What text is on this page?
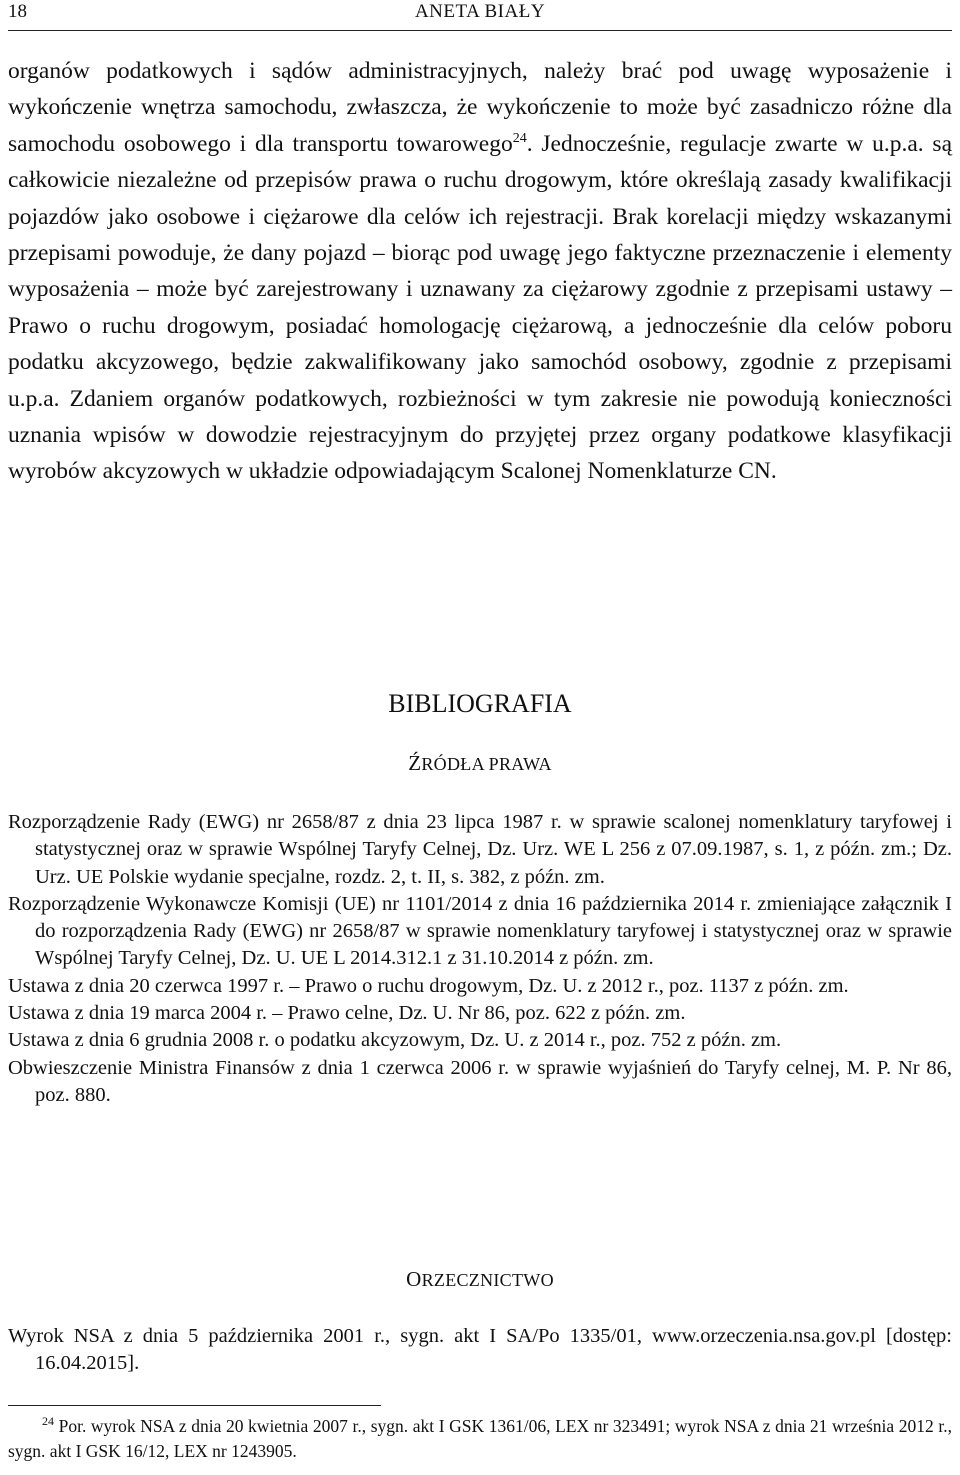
18	ANETA BIAŁY

organów podatkowych i sądów administracyjnych, należy brać pod uwagę wyposażenie i wykończenie wnętrza samochodu, zwłaszcza, że wykończenie to może być zasadniczo różne dla samochodu osobowego i dla transportu towarowego$^{24}$. Jednocześnie, regulacje zwarte w u.p.a. są całkowicie niezależne od przepisów prawa o ruchu drogowym, które określają zasady kwalifikacji pojazdów jako osobowe i ciężarowe dla celów ich rejestracji. Brak korelacji między wskazanymi przepisami powoduje, że dany pojazd – biorąc pod uwagę jego faktyczne przeznaczenie i elementy wyposażenia – może być zarejestrowany i uznawany za ciężarowy zgodnie z przepisami ustawy – Prawo o ruchu drogowym, posiadać homologację ciężarową, a jednocześnie dla celów poboru podatku akcyzowego, będzie zakwalifikowany jako samochód osobowy, zgodnie z przepisami u.p.a. Zdaniem organów podatkowych, rozbieżności w tym zakresie nie powodują konieczności uznania wpisów w dowodzie rejestracyjnym do przyjętej przez organy podatkowe klasyfikacji wyrobów akcyzowych w układzie odpowiadającym Scalonej Nomenklaturze CN.

BIBLIOGRAFIA
ŹRÓDŁA PRAWA
Rozporządzenie Rady (EWG) nr 2658/87 z dnia 23 lipca 1987 r. w sprawie scalonej nomenklatury taryfowej i statystycznej oraz w sprawie Wspólnej Taryfy Celnej, Dz. Urz. WE L 256 z 07.09.1987, s. 1, z późn. zm.; Dz. Urz. UE Polskie wydanie specjalne, rozdz. 2, t. II, s. 382, z późn. zm.
Rozporządzenie Wykonawcze Komisji (UE) nr 1101/2014 z dnia 16 października 2014 r. zmieniające załącznik I do rozporządzenia Rady (EWG) nr 2658/87 w sprawie nomenklatury taryfowej i statystycznej oraz w sprawie Wspólnej Taryfy Celnej, Dz. U. UE L 2014.312.1 z 31.10.2014 z późn. zm.
Ustawa z dnia 20 czerwca 1997 r. – Prawo o ruchu drogowym, Dz. U. z 2012 r., poz. 1137 z późn. zm.
Ustawa z dnia 19 marca 2004 r. – Prawo celne, Dz. U. Nr 86, poz. 622 z późn. zm.
Ustawa z dnia 6 grudnia 2008 r. o podatku akcyzowym, Dz. U. z 2014 r., poz. 752 z późn. zm.
Obwieszczenie Ministra Finansów z dnia 1 czerwca 2006 r. w sprawie wyjaśnień do Taryfy celnej, M. P. Nr 86, poz. 880.
ORZECZNICTWO
Wyrok NSA z dnia 5 października 2001 r., sygn. akt I SA/Po 1335/01, www.orzeczenia.nsa.gov.pl [dostęp: 16.04.2015].

$^{24}$ Por. wyrok NSA z dnia 20 kwietnia 2007 r., sygn. akt I GSK 1361/06, LEX nr 323491; wyrok NSA z dnia 21 września 2012 r., sygn. akt I GSK 16/12, LEX nr 1243905.
